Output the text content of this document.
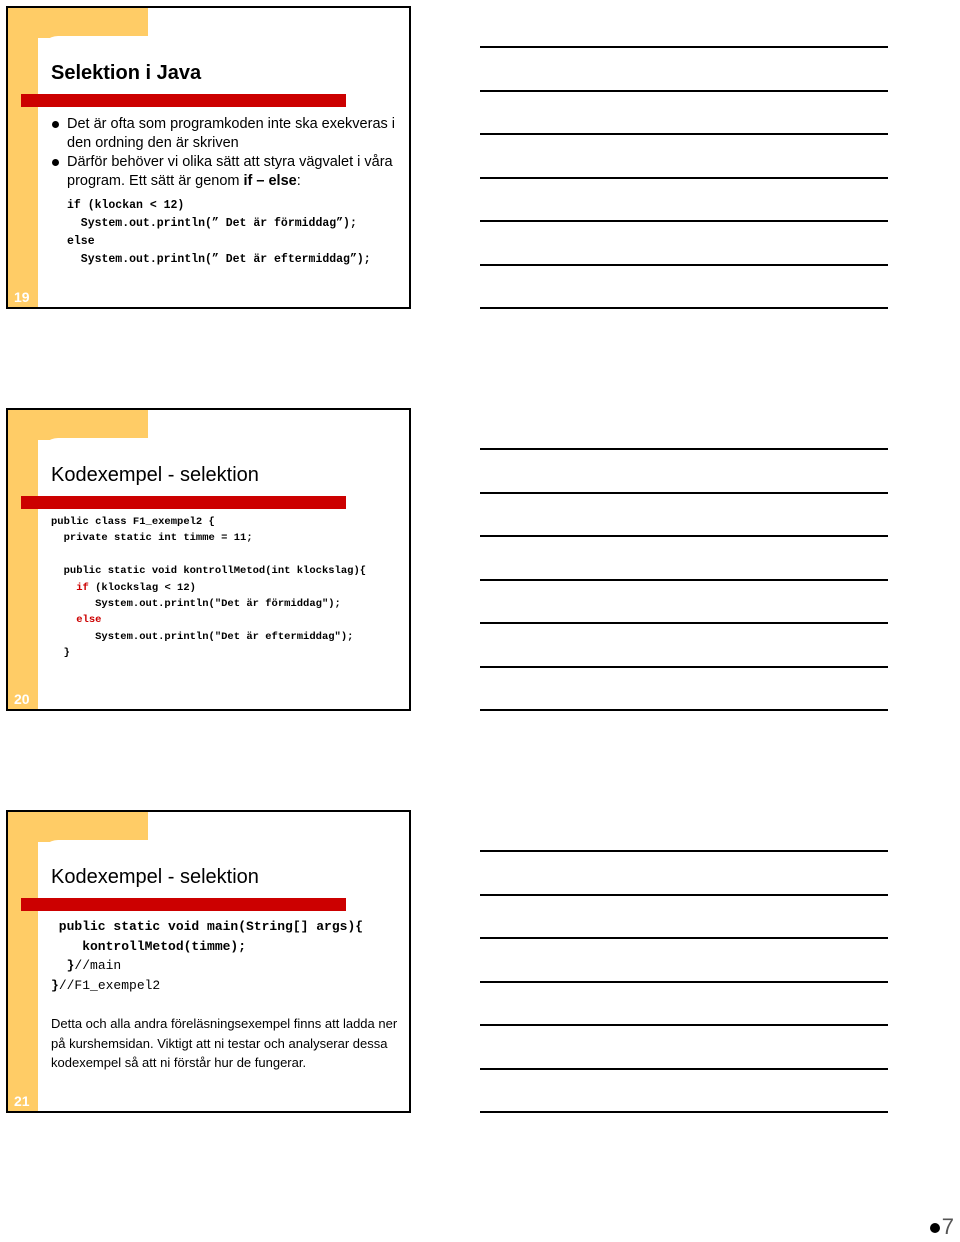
Selektion i Java
Det är ofta som programkoden inte ska exekveras i den ordning den är skriven
Därför behöver vi olika sätt att styra vägvalet i våra program. Ett sätt är genom if – else:
if (klockan < 12)
System.out.println(” Det är förmiddag”);
else
System.out.println(” Det är eftermiddag”);
19
Kodexempel - selektion
public class F1_exempel2 {
private static int timme = 11;

public static void kontrollMetod(int klockslag){
if (klockslag < 12)
System.out.println("Det är förmiddag");
else
System.out.println("Det är eftermiddag");
}
20
Kodexempel - selektion
public static void main(String[] args){
kontrollMetod(timme);
}//main
}//F1_exempel2
Detta och alla andra föreläsningsexempel finns att ladda ner på kurshemsidan. Viktigt att ni testar och analyserar dessa kodexempel så att ni förstår hur de fungerar.
21
7
